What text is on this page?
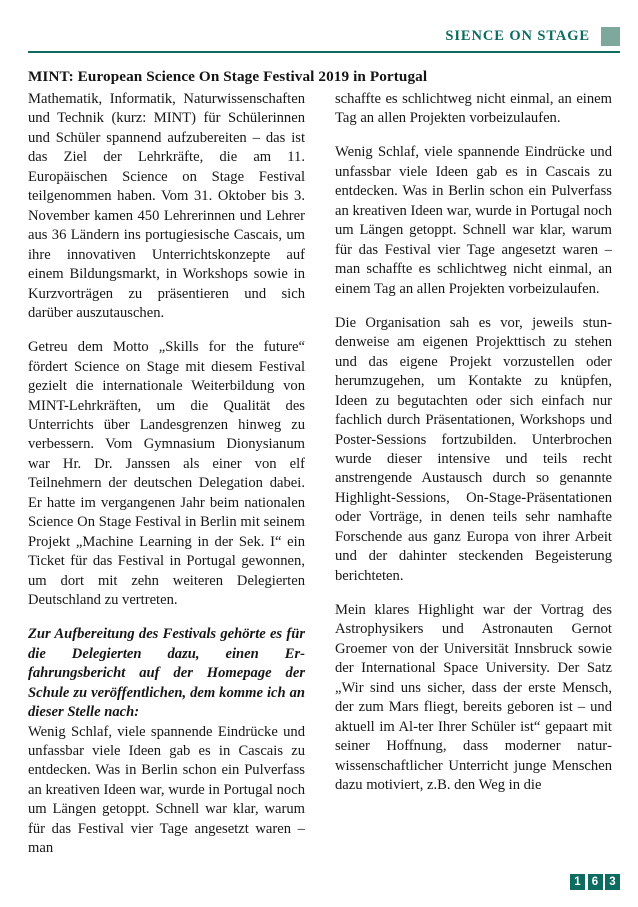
SIENCE ON STAGE
MINT: European Science On Stage Festival 2019 in Portugal

Mathematik, Informatik, Naturwissenschaften und Technik (kurz: MINT) für Schülerinnen und Schüler spannend aufzubereiten – das ist das Ziel der Lehrkräfte, die am 11. Europäischen Science on Stage Festival teilgenommen haben. Vom 31. Oktober bis 3. November kamen 450 Lehrerinnen und Lehrer aus 36 Ländern ins portugiesische Cascais, um ihre innovativen Unterrichtskonzepte auf einem Bildungsmarkt, in Workshops sowie in Kurzvorträgen zu präsentieren und sich darüber auszutauschen.

Getreu dem Motto „Skills for the future“ fördert Science on Stage mit diesem Festival gezielt die internationale Weiterbildung von MINT-Lehrkräften, um die Qualität des Unterrichts über Landesgrenzen hinweg zu verbessern. Vom Gymnasium Dionysianum war Hr. Dr. Janssen als einer von elf Teilnehmern der deutschen Delegation dabei. Er hatte im vergangenen Jahr beim nationalen Science On Stage Festival in Berlin mit seinem Projekt „Machine Learning in der Sek. I“ ein Ticket für das Festival in Portugal gewonnen, um dort mit zehn weiteren Delegierten Deutschland zu vertreten.

Zur Aufbereitung des Festivals gehörte es für die Delegierten dazu, einen Erfahrungsbericht auf der Homepage der Schule zu veröffentlichen, dem komme ich an dieser Stelle nach:

Wenig Schlaf, viele spannende Eindrücke und unfassbar viele Ideen gab es in Cascais zu entdecken. Was in Berlin schon ein Pulverfass an kreativen Ideen war, wurde in Portugal noch um Längen getoppt. Schnell war klar, warum für das Festival vier Tage angesetzt waren – man

schaffte es schlichtweg nicht einmal, an einem Tag an allen Projekten vorbeizulaufen.

Wenig Schlaf, viele spannende Eindrücke und unfassbar viele Ideen gab es in Cascais zu entdecken. Was in Berlin schon ein Pulverfass an kreativen Ideen war, wurde in Portugal noch um Längen getoppt. Schnell war klar, warum für das Festival vier Tage angesetzt waren – man schaffte es schlichtweg nicht einmal, an einem Tag an allen Projekten vorbeizulaufen.

Die Organisation sah es vor, jeweils stundenweise am eigenen Projekttisch zu stehen und das eigene Projekt vorzustellen oder herumzugehen, um Kontakte zu knüpfen, Ideen zu begutachten oder sich einfach nur fachlich durch Präsentationen, Workshops und Poster-Sessions fortzubilden. Unterbrochen wurde dieser intensive und teils recht anstrengende Austausch durch so genannte Highlight-Sessions, On-Stage-Präsentationen oder Vorträge, in denen teils sehr namhafte Forschende aus ganz Europa von ihrer Arbeit und der dahinter steckenden Begeisterung berichteten.

Mein klares Highlight war der Vortrag des Astrophysikers und Astronauten Gernot Groemer von der Universität Innsbruck sowie der International Space University. Der Satz „Wir sind uns sicher, dass der erste Mensch, der zum Mars fliegt, bereits geboren ist – und aktuell im Al-ter Ihrer Schüler ist“ gepaart mit seiner Hoffnung, dass moderner naturwissenschaftlicher Unterricht junge Menschen dazu motiviert, z.B. den Weg in die

1 6 3
